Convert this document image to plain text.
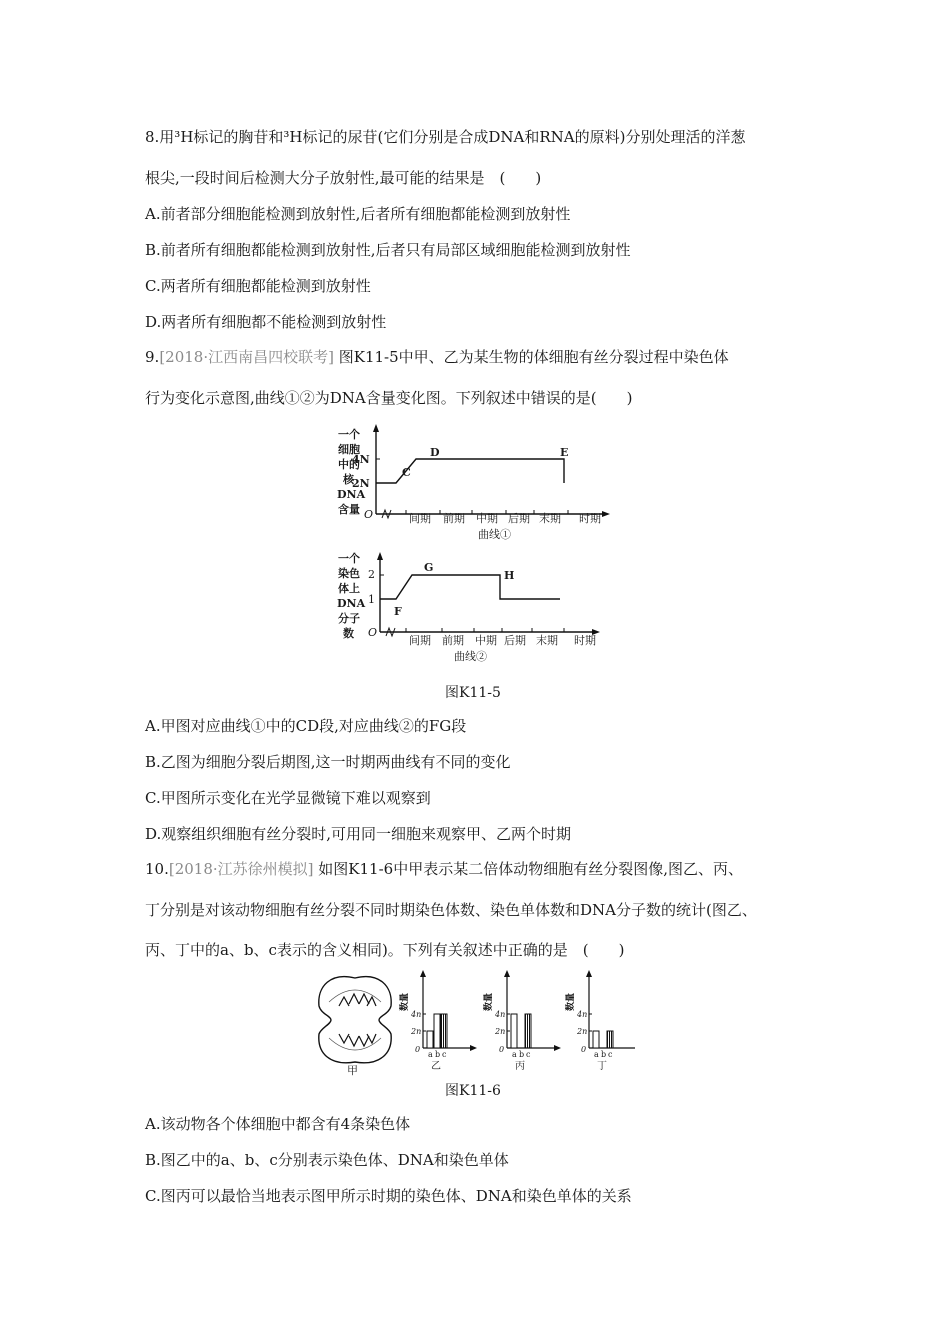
8.用³H标记的胸苷和³H标记的尿苷(它们分别是合成DNA和RNA的原料)分别处理活的洋葱
根尖,一段时间后检测大分子放射性,最可能的结果是　(　　)
A.前者部分细胞能检测到放射性,后者所有细胞都能检测到放射性
B.前者所有细胞都能检测到放射性,后者只有局部区域细胞能检测到放射性
C.两者所有细胞都能检测到放射性
D.两者所有细胞都不能检测到放射性
9.[2018·江西南昌四校联考] 图K11-5中甲、乙为某生物的体细胞有丝分裂过程中染色体
行为变化示意图,曲线①②为DNA含量变化图。下列叙述中错误的是(　　)
一个
细胞
中的
核
DNA
含量 O
2N
4N
C
D	E
间期 前期 中期 后期 末期 时期
曲线①
一个
染色
体上
DNA
分子
数 O
1
2
F
G
H
间期 前期 中期 后期 末期 时期
曲线②
图K11-5
A.甲图对应曲线①中的CD段,对应曲线②的FG段
B.乙图为细胞分裂后期图,这一时期两曲线有不同的变化
C.甲图所示变化在光学显微镜下难以观察到
D.观察组织细胞有丝分裂时,可用同一细胞来观察甲、乙两个时期
10.[2018·江苏徐州模拟] 如图K11-6中甲表示某二倍体动物细胞有丝分裂图像,图乙、丙、
丁分别是对该动物细胞有丝分裂不同时期染色体数、染色单体数和DNA分子数的统计(图乙、
丙、丁中的a、b、c表示的含义相同)。下列有关叙述中正确的是　(　　)
甲
0
2n
4n
数量
a b c
乙
0
2n
4n
数量
a b c
丙
0
2n
4n
数量
a b c
丁
图K11-6
A.该动物各个体细胞中都含有4条染色体
B.图乙中的a、b、c分别表示染色体、DNA和染色单体
C.图丙可以最恰当地表示图甲所示时期的染色体、DNA和染色单体的关系
